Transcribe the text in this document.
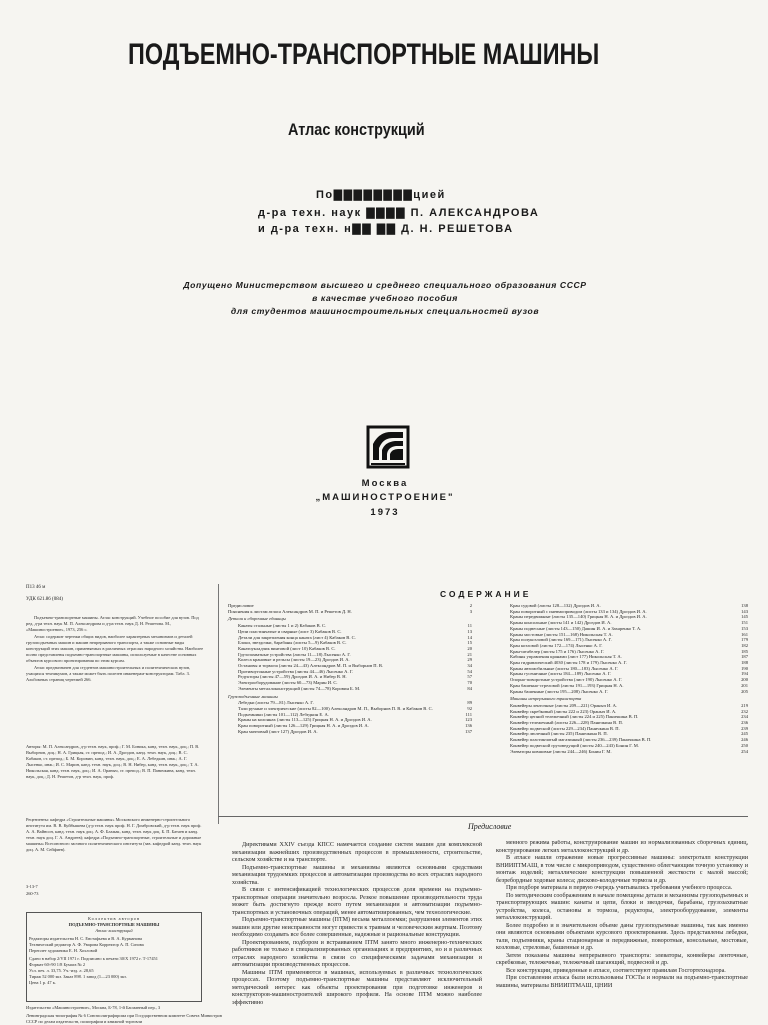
ПОДЪЕМНО-ТРАНСПОРТНЫЕ МАШИНЫ
Атлас конструкций
По▇▇▇▇▇▇▇▇цией
д-ра техн. наук ▇▇▇▇ П. АЛЕКСАНДРОВА
и д-ра техн. н▇▇ ▇▇ Д. Н. РЕШЕТОВА
Допущено Министерством высшего и среднего специального образования СССР
в качестве учебного пособия
для студентов машиностроительных специальностей вузов
Москва
„МАШИНОСТРОЕНИЕ"
1973
П13 46 м
УДК 621.86 (084)

Подъемно-транспортные машины. Атлас конструкций. Учебное пособие для вузов. Под ред. д-ра техн. наук М. П. Александрова и д-ра техн. наук Д. Н. Решетова. М., «Машиностроение», 1973, 256 с.

Атлас содержит чертежи общих видов, наиболее характерных механизмов и деталей грузоподъемных машин и машин непрерывного транспорта, а также основные виды конструкций этих машин, применяемых в различных отраслях народного хозяйства. Наиболее полно представлены подъемно-транспортные машины, используемые в качестве основных объектов курсового проектирования по этим курсам.

Атлас предназначен для студентов машиностроительных и политехнических вузов, учащихся техникумов, а также может быть полезен инженерам-конструкторам. Табл. 3. Альбомных страниц чертежей 266.

Авторы: М. П. Александров, д-р техн. наук, проф.; Г. М. Боника, канд. техн. наук, доц.; П. В. Выборнов, доц.; Н. А. Грицкая, ст. препод.; И. А. Дроздов, канд. техн. наук, доц.; В. С. Кабаков, ст. препод.; Б. М. Коровин, канд. техн. наук, доц.; Е. А. Лебедкин, инж.; А. Г. Лысенко, инж.; И. С. Марин, канд. техн. наук, доц.; В. Н. Нибер, канд. техн. наук, доц.; Т. А. Никольская, канд. техн. наук, доц.; И. А. Ораныч, ст. препод.; В. П. Паничкина, канд. техн. наук, доц.; Д. Н. Решетов, д-р техн. наук, проф.
Рецензенты: кафедра «Строительные машины» Московского инженерно-строительного института им. В. В. Куйбышева (д-р техн. наук проф. Н. Г. Домбровский, д-р техн. наук проф. А. А. Вайнсон, канд. техн. наук доц. А. Ф. Блажак, канд. техн. наук доц. Б. П. Батаев и канд. техн. наук доц. Г. А. Андреев); кафедра «Подъемно-транспортные, строительные и дорожные машины» Всесоюзного заочного политехнического института (зав. кафедрой канд. техн. наук доц. А. М. Сейфиев).
3-13-7
260-73
Коллектив авторов
ПОДЪЕМНО-ТРАНСПОРТНЫЕ МАШИНЫ
Атлас конструкций
Редакторы издательства Н. С. Евстафьева и В. А. Курманова
Технический редактор А. Ф. Уварова Корректор А. П. Сизова
Переплет художника Е. Н. Хохловой
Сдано в набор 2/VII 1971 г. Подписано к печати 30/X 1972 г. Т-17451
Формат 60×90 1/8 Бумага № 2
Усл. печ. л. 33,75. Уч.-изд. л. 28,65
Тираж 52 000 экз. Заказ 898. 1 завод (1—23 000) экз.
Цена 1 р. 47 к.
Издательство «Машиностроение», Москва, Б-78, 1-й Басманный пер., 3
Ленинградская типография № 6 Союзполиграфпрома при Государственном комитете Совета Министров СССР по делам издательств, полиграфии и книжной торговли
СОДЕРЖАНИЕ
Предисловие	2
Пояснения к листам атласа Александров М. П. и Решетов Д. Н.	3
Детали и сборочные единицы
Канаты стальные (листы 1 и 2) Кабаков В. С.	11
Цепи пластинчатые и сварные (лист 3) Кабаков В. С.	13
Детали для закрепления конца каната (лист 4) Кабаков В. С.	14
Блоки, звездочки, барабаны (листы 5—9) Кабаков В. С.	15
Канатоукладчик винтовой (лист 10) Кабаков В. С.	20
Грузозахватные устройства (листы 11—18) Лысенко А. Г.	21
Колеса крановые и рельсы (листы 19—23) Дроздов И. А.	29
Остановы и тормоза (листы 24—43) Александров М. П. и Выборнов П. В.	34
Противоугонные устройства (листы 44—46) Лысенко А. Г.	54
Редукторы (листы 47—59) Дроздов И. А. и Нибер В. Н.	57
Электрооборудование (листы 60—73) Марин И. С.	70
Элементы металлоконструкций (листы 74—78) Коровин Б. М.	84
Грузоподъемные машины
Лебедки (листы 79—81) Лысенко А. Г.	89
Тали ручные и электрические (листы 82—100) Александров М. П., Выборнов П. В. и Кабаков В. С.	92
Подъемники (листы 101—112) Лебедкин Е. А.	111
Краны на колоннах (листы 113—125) Грицкая Н. А. и Дроздов И. А.	123
Кран поворотный (листы 126—129) Грицкая Н. А. и Дроздов И. А.	136
Кран мачтовый (лист 127) Дроздов И. А.	137
Кран судовой (листы 128—132) Дроздов И. А.	138
Кран поворотный с пневмоприводом (листы 133 и 134) Дроздов И. А.	143
Краны передвижные (листы 135—140) Грицкая Н. А. и Дроздов И. А.	145
Краны консольные (листы 141 и 142) Дроздов И. А.	151
Краны подвесные (листы 143—150) Дашин И. А. и Захаренко Т. А.	153
Краны мостовые (листы 151—168) Никольская Т. А.	161
Кран полукозловой (листы 169—171) Лысенко А. Г.	179
Кран козловой (листы 172—174) Лысенко А. Г.	182
Кран-штабелер (листы 175 и 176) Лысенко А. Г.	185
Кабины управления кранами (лист 177) Никольская Т. А.	187
Кран гидравлический 4030 (листы 178 и 179) Лысенко А. Г.	188
Краны автомобильные (листы 180—183) Лысенко А. Г.	190
Краны гусеничные (листы 184—189) Лысенко А. Г.	194
Опорно-поворотные устройства (лист 190) Лысенко А. Г.	200
Кран башенно-стреловой (листы 191—193) Грицкая Н. А.	201
Краны башенные (листы 195—208) Лысенко А. Г.	205
Машины непрерывного транспорта
Конвейеры ленточные (листы 209—221) Ораныч И. А.	219
Конвейер скребковый (листы 222 и 223) Ораныч И. А.	232
Конвейер цепной тележечный (листы 224 и 225) Паничкина В. П.	234
Конвейер тележечный (листы 226—228) Паничкина В. П.	236
Конвейер подвесной (листы 229—234) Паничкина В. П.	239
Конвейер люлечный (листы 235) Паничкина В. П.	245
Конвейер пластинчатый магазинный (листы 236—239) Паничкина В. П.	246
Конвейер подвесной грузоведущий (листы 240—243) Бонин Г. М.	250
Элеваторы ковшовые (листы 244—246) Бонин Г. М.	254
Предисловие

Директивами XXIV съезда КПСС намечается создание систем машин для комплексной механизации важнейших производственных процессов в промышленности, строительстве, сельском хозяйстве и на транспорте.

Подъемно-транспортные машины и механизмы являются основными средствами механизации трудоемких процессов и автоматизации производства во всех отраслях народного хозяйства.

В связи с интенсификацией технологических процессов доля времени на подъемно-транспортные операции значительно возросла. Резкое повышение производительности труда может быть достигнуто прежде всего путем механизации и автоматизации подъемно-транспортных и установочных операций, менее автоматизированных, чем технологические.

Подъемно-транспортные машины (ПТМ) весьма металлоемки; разрушения элементов этих машин или другие неисправности могут привести к травмам и человеческим жертвам. Поэтому необходимо создавать все более совершенные, надежные и рациональные конструкции.

Проектированием, подбором и встраиванием ПТМ занято много инженерно-технических работников не только в специализированных организациях и предприятиях, но и в различных отраслях народного хозяйства в связи со специфическими задачами механизации и автоматизации производственных процессов.

Машины ПТМ применяются в машинах, используемых в различных технологических процессах. Поэтому подъемно-транспортные машины представляют исключительный методический интерес как объекты проектирования при подготовке инженеров и конструкторов-машиностроителей широкого профиля. На основе ПТМ можно наиболее эффективно

менного режима работы, конструирование машин из нормализованных сборочных единиц, конструирование легких металлоконструкций и др.

В атласе нашли отражение новые прогрессивные машины: электроталп конструкции ВНИИПТМАШ, в том числе с микроприводом, существенно облегчающим точную установку и монтаж изделий; металлические конструкции повышенной жесткости с малой массой; безребордные ходовые колеса; дисково-колодочные тормоза и др.

При подборе материала в первую очередь учитывались требования учебного процесса.

По методическим соображениям в начале помещены детали и механизмы грузоподъемных и транспортирующих машин: канаты и цепи, блоки и звездочки, барабаны, грузозахватные устройства, колеса, остановы и тормоза, редукторы, электрооборудование, элементы металлоконструкций.

Более подробно и в значительном объеме даны грузоподъемные машины, так как именно они являются основными объектами курсового проектирования. Здесь представлены лебедки, тали, подъемники, краны стационарные и передвижные, поворотные, консольные, мостовые, козловые, стреловые, башенные и др.

Затем показаны машины непрерывного транспорта: элеваторы, конвейеры ленточные, скребковые, тележечные, тележечный шагающий, подвесной и др.

Все конструкции, приведенные в атласе, соответствуют правилам Госгортехнадзора.

При составлении атласа были использованы ГОСТы и нормали на подъемно-транспортные машины, материалы ВНИИПТМАШ, ЦНИИ
